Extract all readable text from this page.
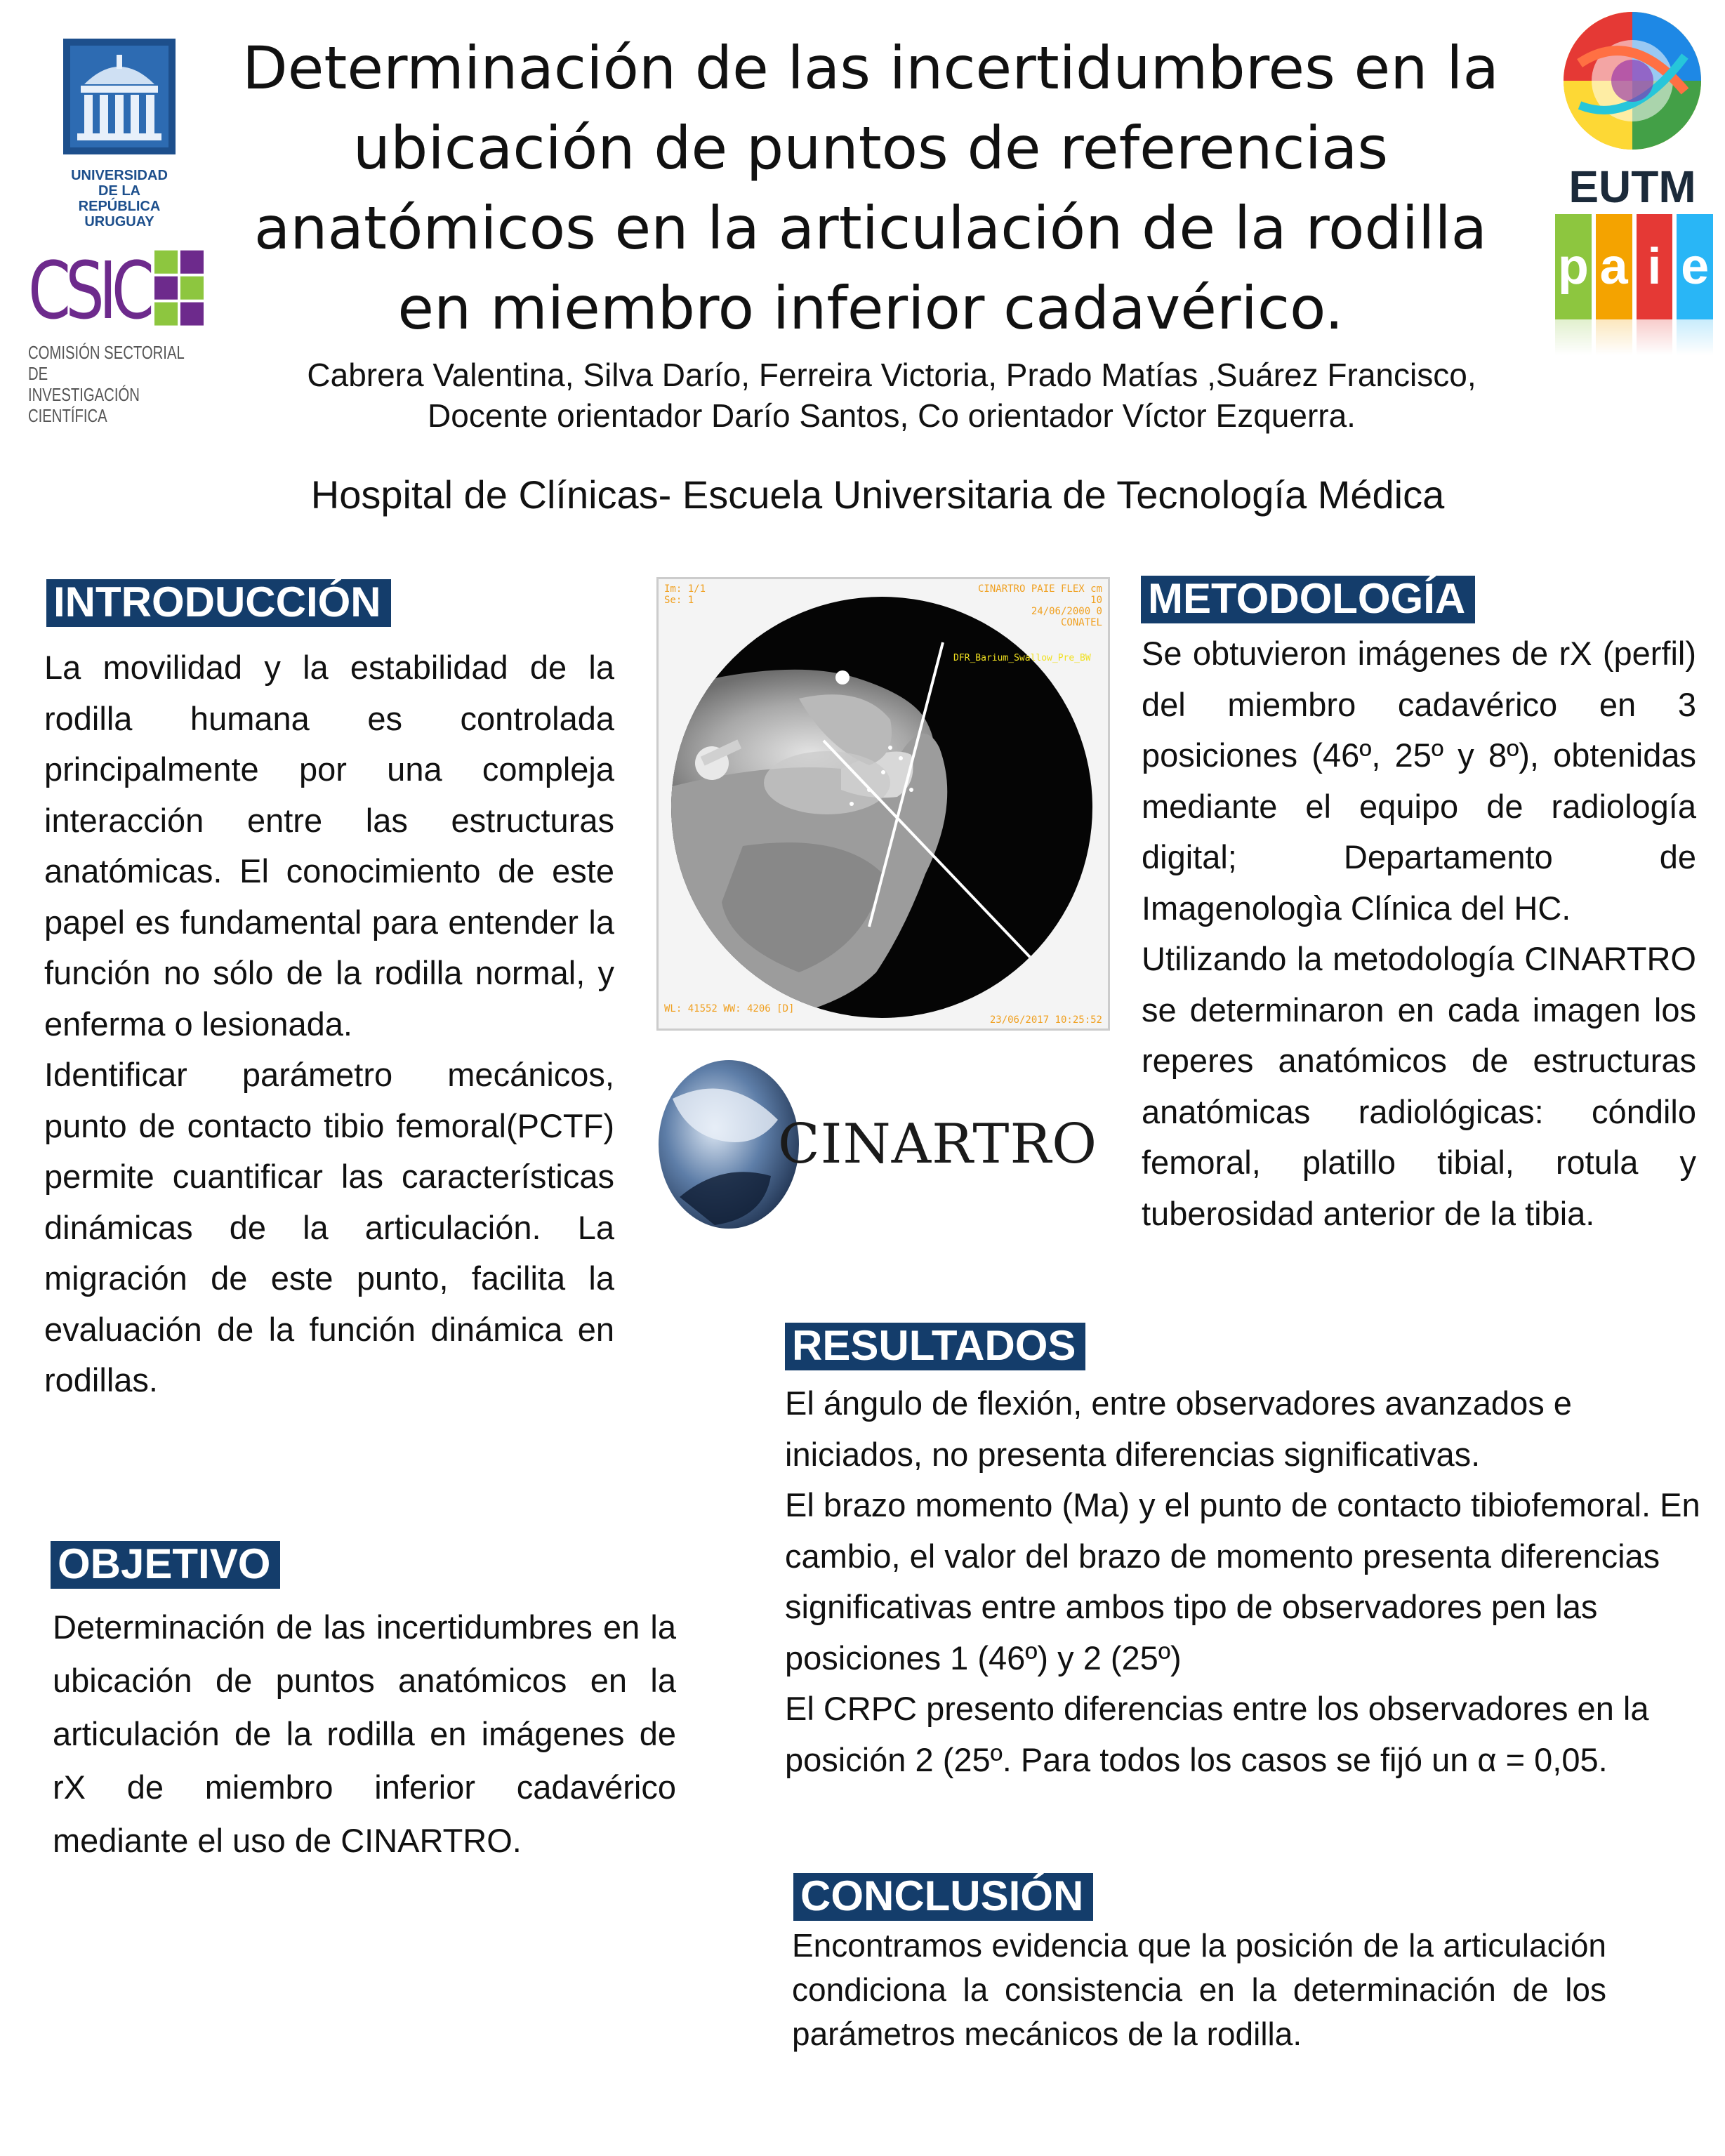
UNIVERSIDAD
DE LA REPÚBLICA
URUGUAY
CSIC
COMISIÓN SECTORIAL DE
INVESTIGACIÓN CIENTÍFICA
EUTM
p a i e
Determinación de las incertidumbres en la ubicación de puntos de referencias anatómicos en la articulación de la rodilla en miembro inferior cadavérico.
Cabrera Valentina, Silva Darío, Ferreira Victoria, Prado Matías ,Suárez Francisco,
Docente orientador Darío Santos, Co orientador Víctor Ezquerra.
Hospital de Clínicas- Escuela Universitaria de Tecnología Médica
INTRODUCCIÓN

La movilidad y la estabilidad de la rodilla humana es controlada principalmente por una compleja interacción entre las estructuras anatómicas. El conocimiento de este papel es fundamental para entender la función no sólo de la rodilla normal, y enferma o lesionada.

Identificar parámetro mecánicos, punto de contacto tibio femoral(PCTF) permite cuantificar las características dinámicas de la articulación. La migración de este punto, facilita la evaluación de la función dinámica en rodillas.

OBJETIVO

Determinación de las incertidumbres en la ubicación de puntos anatómicos en la articulación de la rodilla en imágenes de rX de miembro inferior cadavérico mediante el uso de CINARTRO.

Im: 1/1
Se: 1
CINARTRO PAIE FLEX cm
10
24/06/2000 0
CONATEL
DFR_Barium_Swallow_Pre_BW
WL: 41552 WW: 4206 [D]
23/06/2017 10:25:52
CINARTRO
METODOLOGÍA

Se obtuvieron imágenes de rX (perfil) del miembro cadavérico en 3 posiciones (46º, 25º y 8º), obtenidas mediante el equipo de radiología digital; Departamento de Imagenologìa Clínica del HC.

Utilizando la metodología CINARTRO se determinaron en cada imagen los reperes anatómicos de estructuras anatómicas radiológicas: cóndilo femoral, platillo tibial, rotula y tuberosidad anterior de la tibia.

RESULTADOS

El ángulo de flexión, entre observadores avanzados e iniciados, no presenta diferencias significativas.

El brazo momento (Ma) y el punto de contacto tibiofemoral. En cambio, el valor del brazo de momento presenta diferencias significativas entre ambos tipo de observadores pen las posiciones 1 (46º) y 2 (25º)

El CRPC presento diferencias entre los observadores en la posición 2 (25º. Para todos los casos se fijó un α = 0,05.

CONCLUSIÓN

Encontramos evidencia que la posición de la articulación condiciona la consistencia en la determinación de los parámetros mecánicos de la rodilla.
